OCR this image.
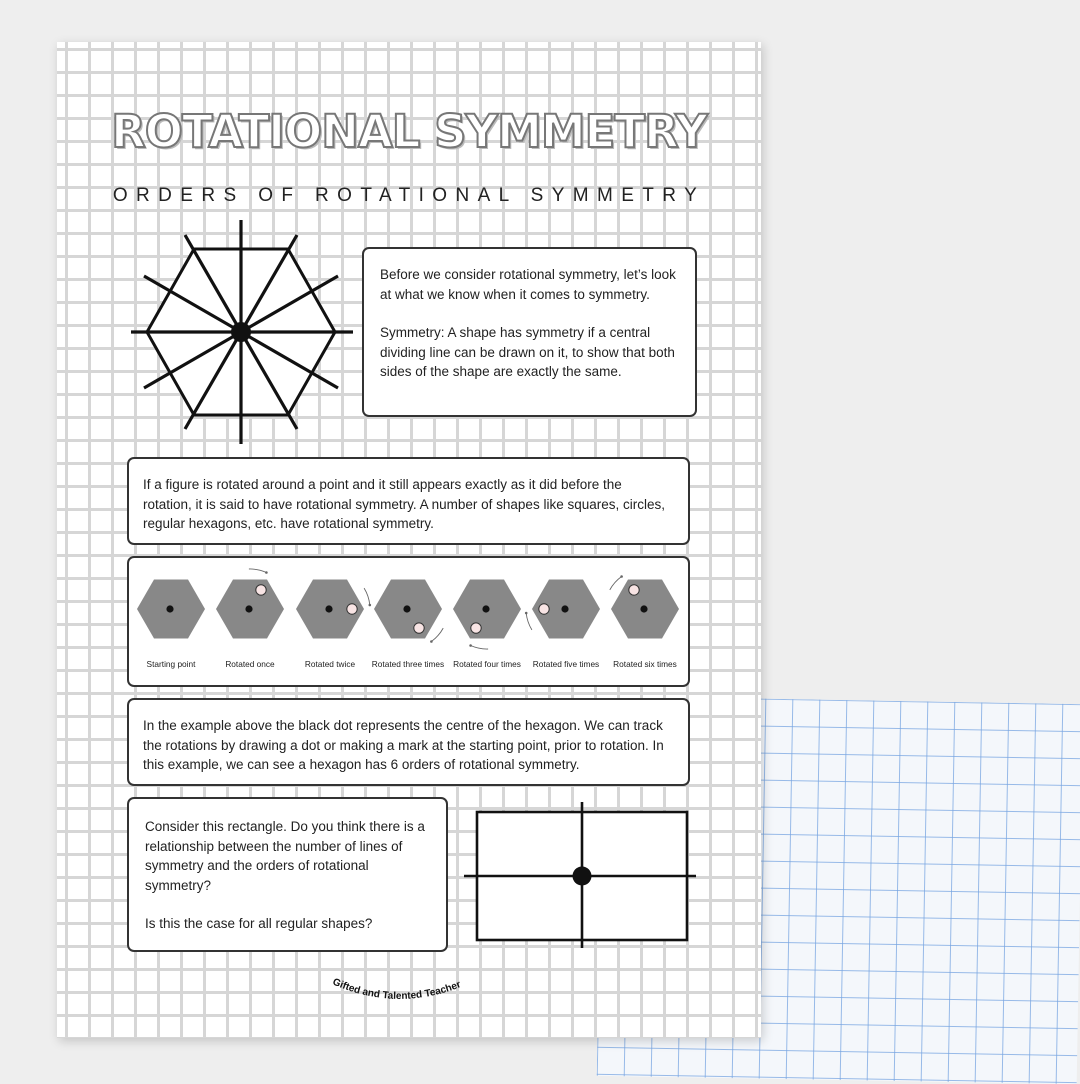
ROTATIONAL SYMMETRY
ORDERS OF ROTATIONAL SYMMETRY

Before we consider rotational symmetry, let’s look at what we know when it comes to symmetry.

Symmetry: A shape has symmetry if a central dividing line can be drawn on it, to show that both sides of the shape are exactly the same.

If a figure is rotated around a point and it still appears exactly as it did before the rotation, it is said to have rotational symmetry. A number of shapes like squares, circles, regular hexagons, etc. have rotational symmetry.

Starting point	Rotated once	Rotated twice	Rotated three times	Rotated four times	Rotated five times	Rotated six times

In the example above the black dot represents the centre of the hexagon. We can track the rotations by drawing a dot or making a mark at the starting point, prior to rotation. In this example, we can see a hexagon has 6 orders of rotational symmetry.

Consider this rectangle. Do you think there is a relationship between the number of lines of symmetry and the orders of rotational symmetry?

Is this the case for all regular shapes?

Gifted and Talented Teacher
